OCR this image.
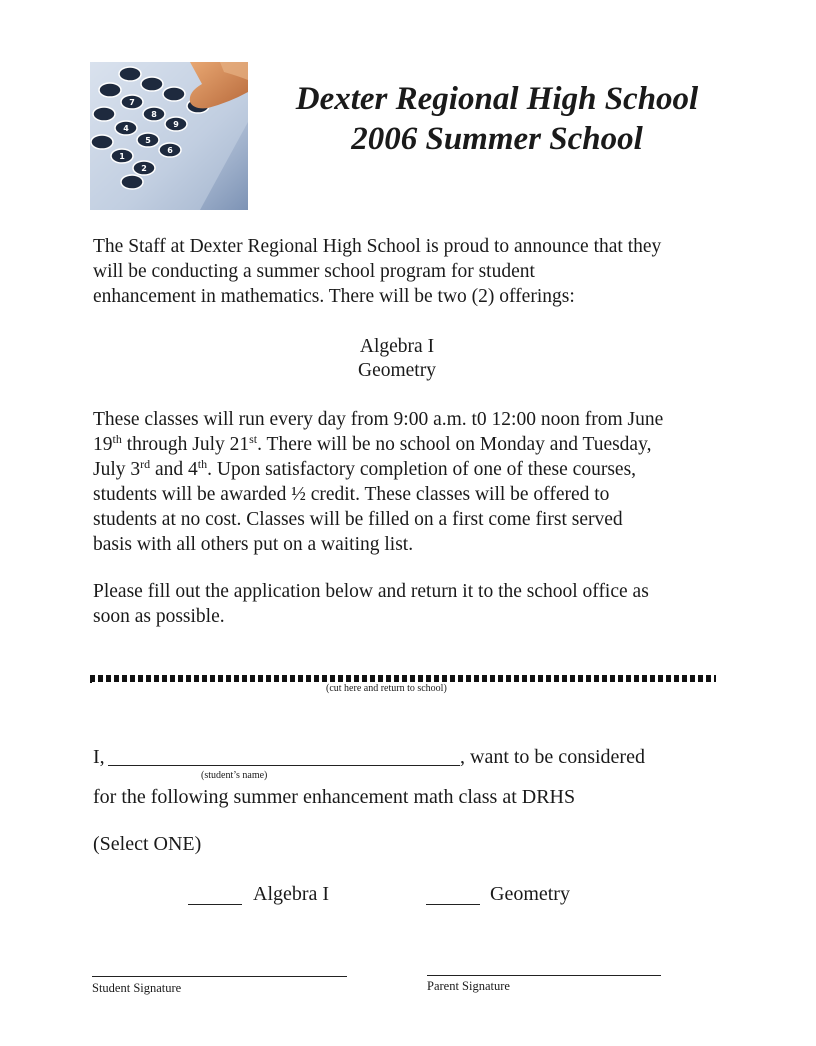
7
8
9
4
5
6
1
2
Dexter Regional High School
2006 Summer School

The Staff at Dexter Regional High School is proud to announce that they
will be conducting a summer school program for student
enhancement in mathematics. There will be two (2) offerings:

Algebra I
Geometry

These classes will run every day from 9:00 a.m. t0 12:00 noon from June
19th through July 21st. There will be no school on Monday and Tuesday,
July 3rd and 4th. Upon satisfactory completion of one of these courses,
students will be awarded ½ credit. These classes will be offered to
students at no cost. Classes will be filled on a first come first served
basis with all others put on a waiting list.

Please fill out the application below and return it to the school office as
soon as possible.

(cut here and return to school)
I,	, want to be considered
(student’s name)
for the following summer enhancement math class at DRHS
(Select ONE)
Algebra I	Geometry
Student Signature	Parent Signature
